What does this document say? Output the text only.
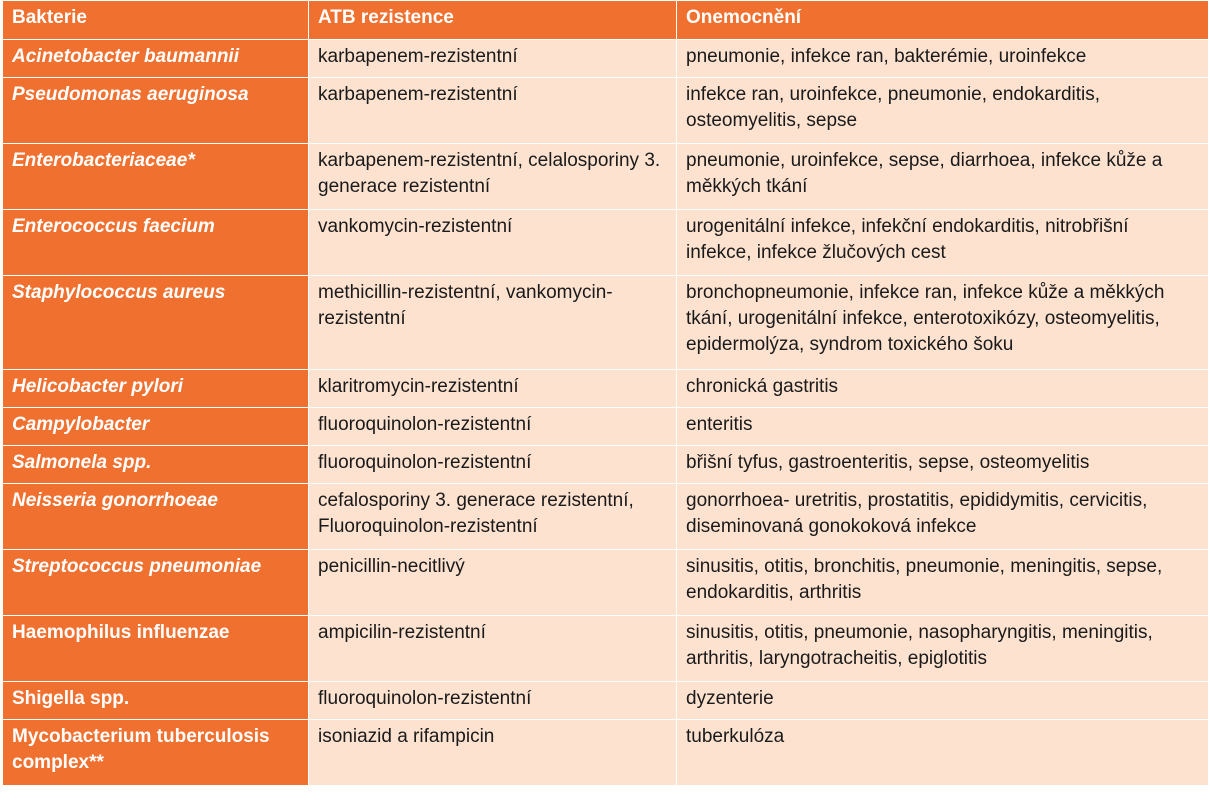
Bakterie	ATB rezistence	Onemocnění
Acinetobacter baumannii	karbapenem-rezistentní	pneumonie, infekce ran, bakterémie, uroinfekce
Pseudomonas aeruginosa	karbapenem-rezistentní	infekce ran, uroinfekce, pneumonie, endokarditis, osteomyelitis, sepse
Enterobacteriaceae*	karbapenem-rezistentní, celalosporiny 3. generace rezistentní	pneumonie, uroinfekce, sepse, diarrhoea, infekce kůže a měkkých tkání
Enterococcus faecium	vankomycin-rezistentní	urogenitální infekce, infekční endokarditis, nitrobřišní infekce, infekce žlučových cest
Staphylococcus aureus	methicillin-rezistentní, vankomycin-rezistentní	bronchopneumonie, infekce ran, infekce kůže a měkkých tkání, urogenitální infekce, enterotoxikózy, osteomyelitis, epidermolýza, syndrom toxického šoku
Helicobacter pylori	klaritromycin-rezistentní	chronická gastritis
Campylobacter	fluoroquinolon-rezistentní	enteritis
Salmonela spp.	fluoroquinolon-rezistentní	břišní tyfus, gastroenteritis, sepse, osteomyelitis
Neisseria gonorrhoeae	cefalosporiny 3. generace rezistentní, Fluoroquinolon-rezistentní	gonorrhoea- uretritis, prostatitis, epididymitis, cervicitis, diseminovaná gonokoková infekce
Streptococcus pneumoniae	penicillin-necitlivý	sinusitis, otitis, bronchitis, pneumonie, meningitis, sepse, endokarditis, arthritis
Haemophilus influenzae	ampicilin-rezistentní	sinusitis, otitis, pneumonie, nasopharyngitis, meningitis, arthritis, laryngotracheitis, epiglotitis
Shigella spp.	fluoroquinolon-rezistentní	dyzenterie
Mycobacterium tuberculosis complex**	isoniazid a rifampicin	tuberkulóza
